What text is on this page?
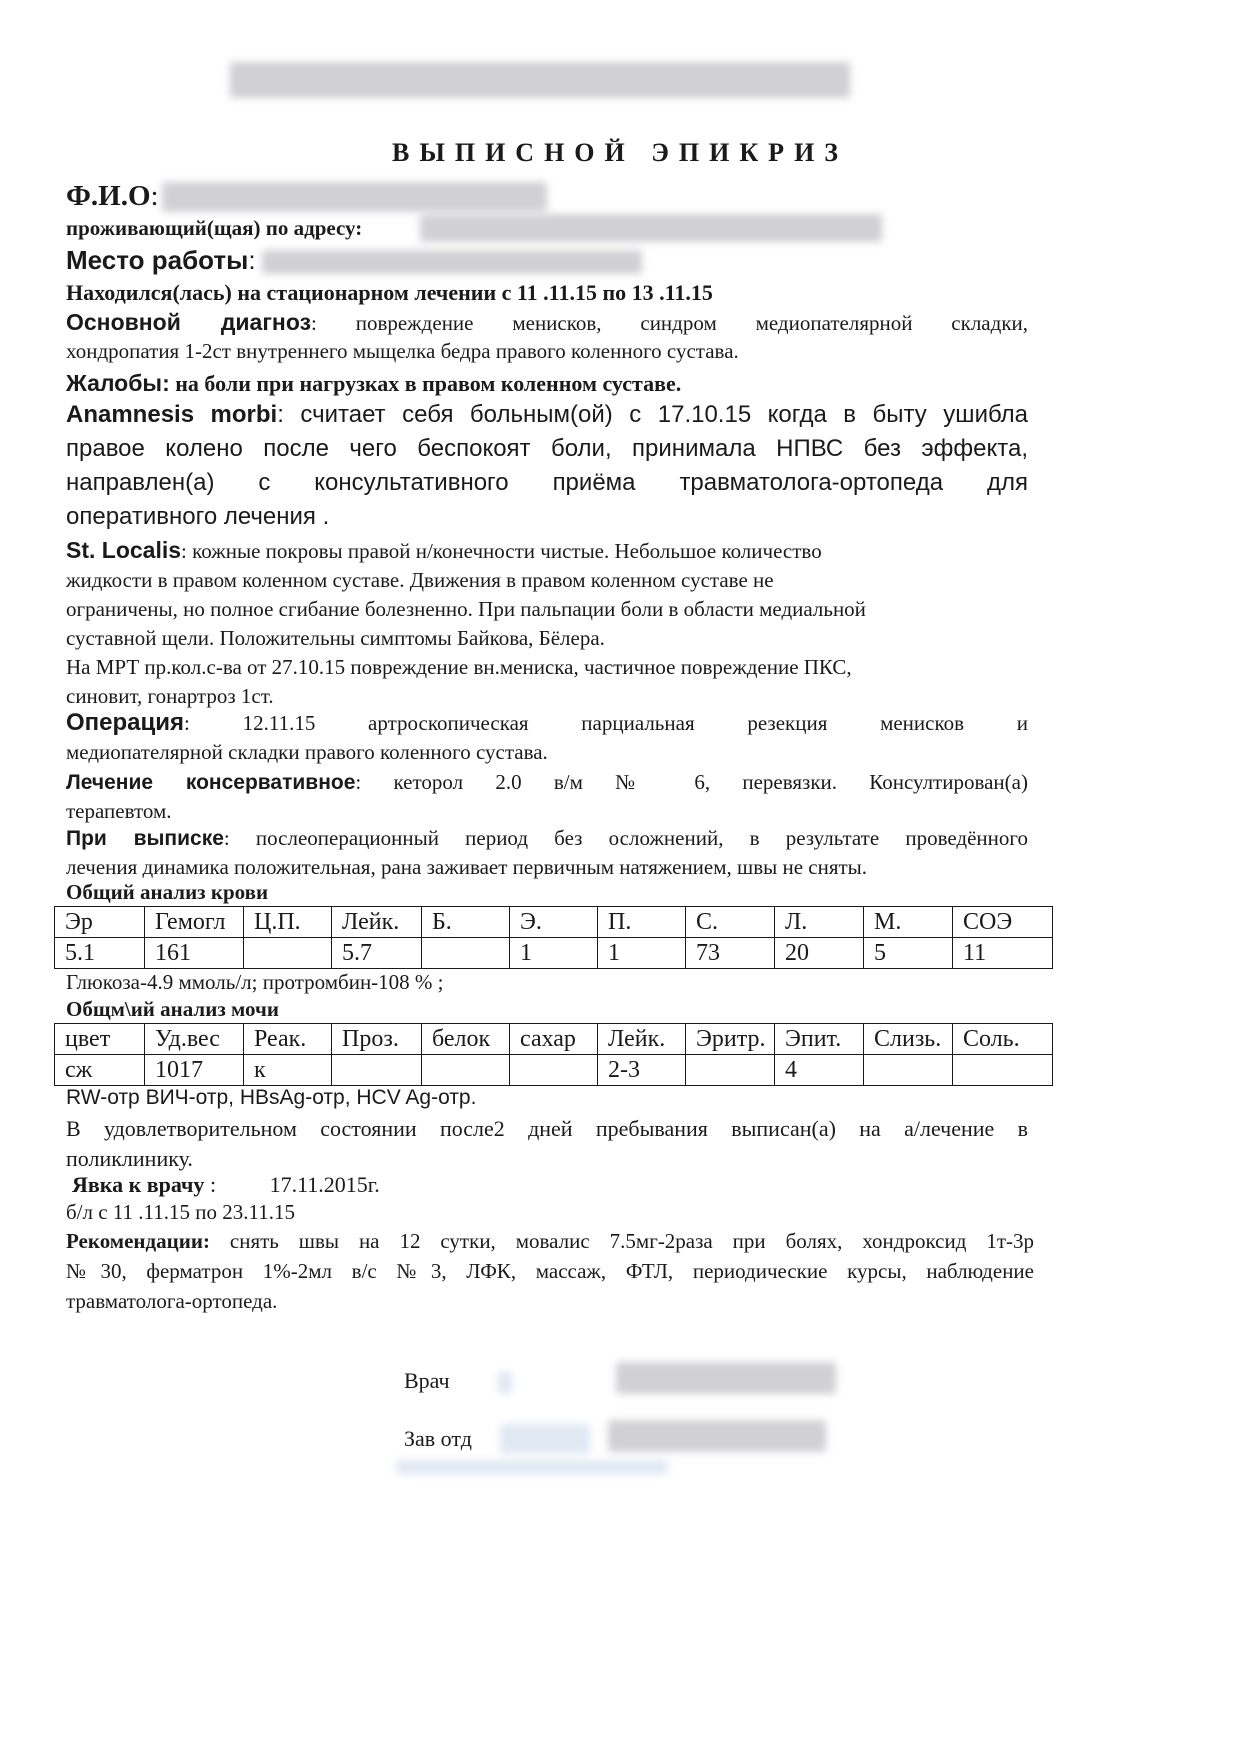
ВЫПИСНОЙ ЭПИКРИЗ
Ф.И.О:
проживающий(щая) по адресу:
Место работы:
Находился(лась) на стационарном лечении с 11 .11.15 по 13 .11.15
Основной диагноз: повреждение менисков, синдром медиопателярной складки,
хондропатия 1-2ст внутреннего мыщелка бедра правого коленного сустава.
Жалобы: на боли при нагрузках в правом коленном суставе.
Anamnesis morbi: считает себя больным(ой) с 17.10.15 когда в быту ушибла
правое колено после чего беспокоят боли, принимала НПВС без эффекта,
направлен(а) с консультативного приёма травматолога-ортопеда для
оперативного лечения .
St. Localis: кожные покровы правой н/конечности чистые. Небольшое количество
жидкости в правом коленном суставе. Движения в правом коленном суставе не
ограничены, но полное сгибание болезненно. При пальпации боли в области медиальной
суставной щели. Положительны симптомы Байкова, Бёлера.
На МРТ пр.кол.с-ва от 27.10.15 повреждение вн.мениска, частичное повреждение ПКС,
синовит, гонартроз 1ст.
Операция: 12.11.15 артроскопическая парциальная резекция менисков и
медиопателярной складки правого коленного сустава.
Лечение консервативное: кеторол 2.0 в/м № 6, перевязки. Консултирован(а)
терапевтом.
При выписке: послеоперационный период без осложнений, в результате проведённого
лечения динамика положительная, рана заживает первичным натяжением, швы не сняты.
Общий анализ крови
Эр	Гемогл	Ц.П.	Лейк.	Б.	Э.	П.	С.	Л.	М.	СОЭ
5.1	161		5.7		1	1	73	20	5	11
Глюкоза-4.9 ммоль/л; протромбин-108 % ;
Общм\ий анализ мочи
цвет	Уд.вес	Реак.	Проз.	белок	сахар	Лейк.	Эритр.	Эпит.	Слизь.	Соль.
сж	1017	к				2-3		4		
RW-отр ВИЧ-отр, HBsAg-отр, HCV Ag-отр.
В удовлетворительном состоянии после2 дней пребывания выписан(а) на а/лечение в
поликлинику.
Явка к врачу : 17.11.2015г.
б/л с 11 .11.15 по 23.11.15
Рекомендации: снять швы на 12 сутки, мовалис 7.5мг-2раза при болях, хондроксид 1т-3р
№30, ферматрон 1%-2мл в/с №3, ЛФК, массаж, ФТЛ, периодические курсы, наблюдение
травматолога-ортопеда.
Врач
Зав отд
